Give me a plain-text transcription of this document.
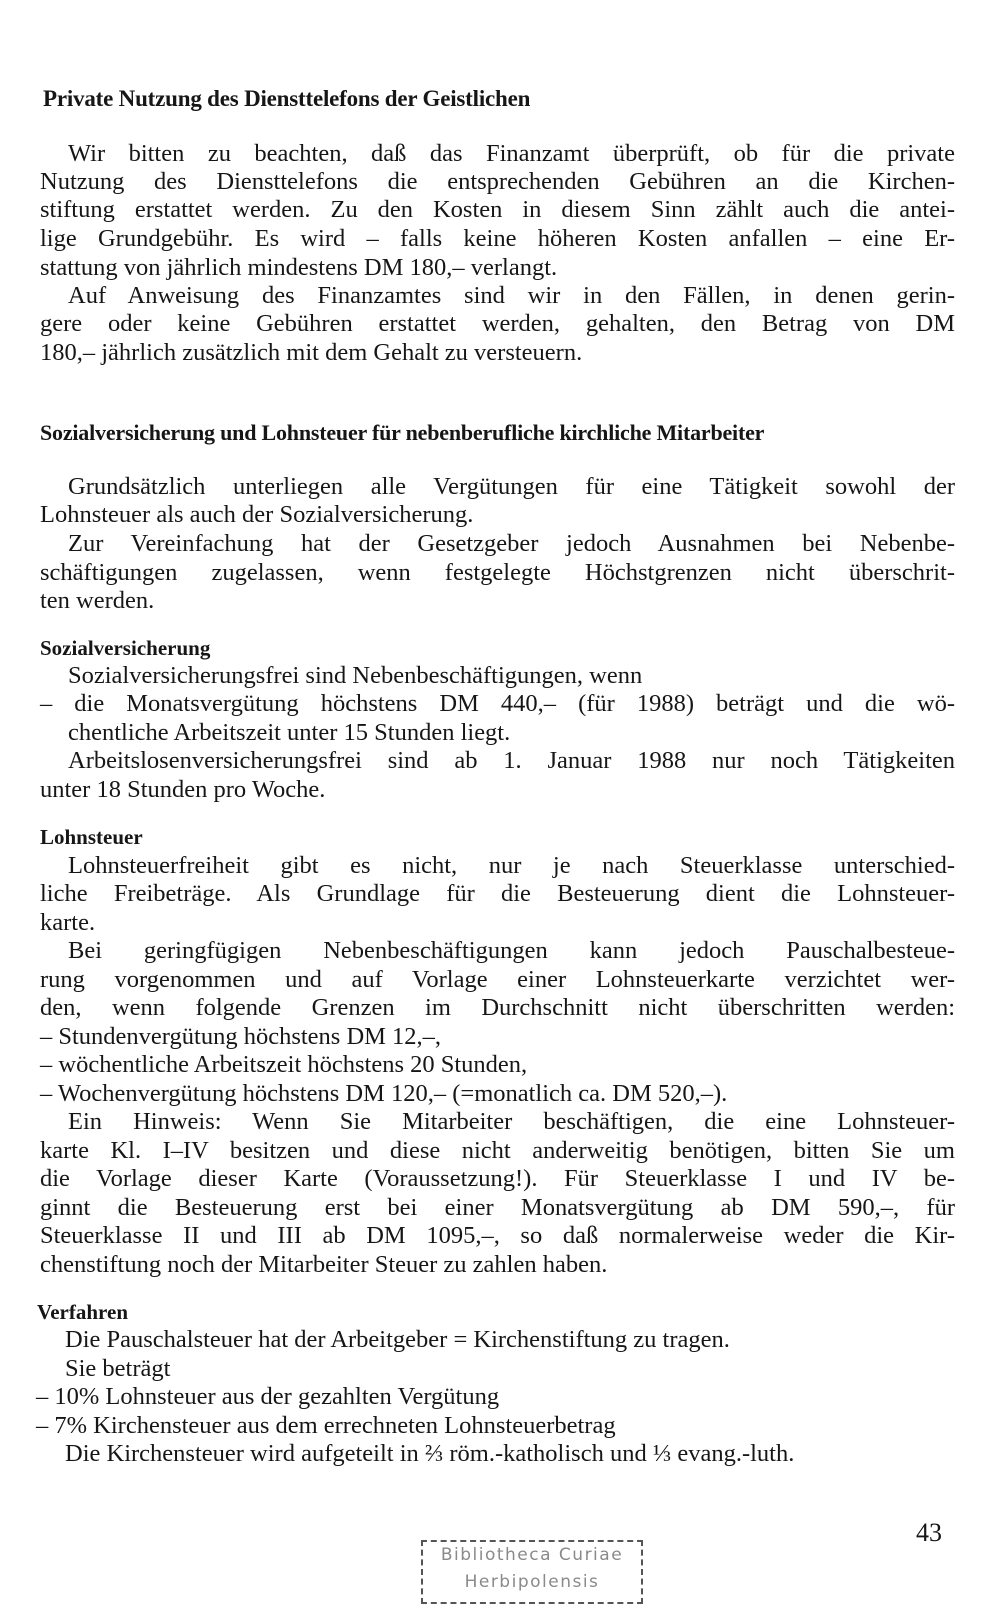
Private Nutzung des Diensttelefons der Geistlichen
Wir bitten zu beachten, daß das Finanzamt überprüft, ob für die private
Nutzung des Diensttelefons die entsprechenden Gebühren an die Kirchen-
stiftung erstattet werden. Zu den Kosten in diesem Sinn zählt auch die antei-
lige Grundgebühr. Es wird – falls keine höheren Kosten anfallen – eine Er-
stattung von jährlich mindestens DM 180,– verlangt.
Auf Anweisung des Finanzamtes sind wir in den Fällen, in denen gerin-
gere oder keine Gebühren erstattet werden, gehalten, den Betrag von DM
180,– jährlich zusätzlich mit dem Gehalt zu versteuern.
Sozialversicherung und Lohnsteuer für nebenberufliche kirchliche Mitarbeiter
Grundsätzlich unterliegen alle Vergütungen für eine Tätigkeit sowohl der
Lohnsteuer als auch der Sozialversicherung.
Zur Vereinfachung hat der Gesetzgeber jedoch Ausnahmen bei Nebenbe-
schäftigungen zugelassen, wenn festgelegte Höchstgrenzen nicht überschrit-
ten werden.
Sozialversicherung
Sozialversicherungsfrei sind Nebenbeschäftigungen, wenn
– die Monatsvergütung höchstens DM 440,– (für 1988) beträgt und die wö-
chentliche Arbeitszeit unter 15 Stunden liegt.
Arbeitslosenversicherungsfrei sind ab 1. Januar 1988 nur noch Tätigkeiten
unter 18 Stunden pro Woche.
Lohnsteuer
Lohnsteuerfreiheit gibt es nicht, nur je nach Steuerklasse unterschied-
liche Freibeträge. Als Grundlage für die Besteuerung dient die Lohnsteuer-
karte.
Bei geringfügigen Nebenbeschäftigungen kann jedoch Pauschalbesteue-
rung vorgenommen und auf Vorlage einer Lohnsteuerkarte verzichtet wer-
den, wenn folgende Grenzen im Durchschnitt nicht überschritten werden:
– Stundenvergütung höchstens DM 12,–,
– wöchentliche Arbeitszeit höchstens 20 Stunden,
– Wochenvergütung höchstens DM 120,– (=monatlich ca. DM 520,–).
Ein Hinweis: Wenn Sie Mitarbeiter beschäftigen, die eine Lohnsteuer-
karte Kl. I–IV besitzen und diese nicht anderweitig benötigen, bitten Sie um
die Vorlage dieser Karte (Voraussetzung!). Für Steuerklasse I und IV be-
ginnt die Besteuerung erst bei einer Monatsvergütung ab DM 590,–, für
Steuerklasse II und III ab DM 1095,–, so daß normalerweise weder die Kir-
chenstiftung noch der Mitarbeiter Steuer zu zahlen haben.
Verfahren
Die Pauschalsteuer hat der Arbeitgeber = Kirchenstiftung zu tragen.
Sie beträgt
– 10% Lohnsteuer aus der gezahlten Vergütung
– 7% Kirchensteuer aus dem errechneten Lohnsteuerbetrag
Die Kirchensteuer wird aufgeteilt in ⅔ röm.-katholisch und ⅓ evang.-luth.
Bibliotheca Curiae
Herbipolensis
43
